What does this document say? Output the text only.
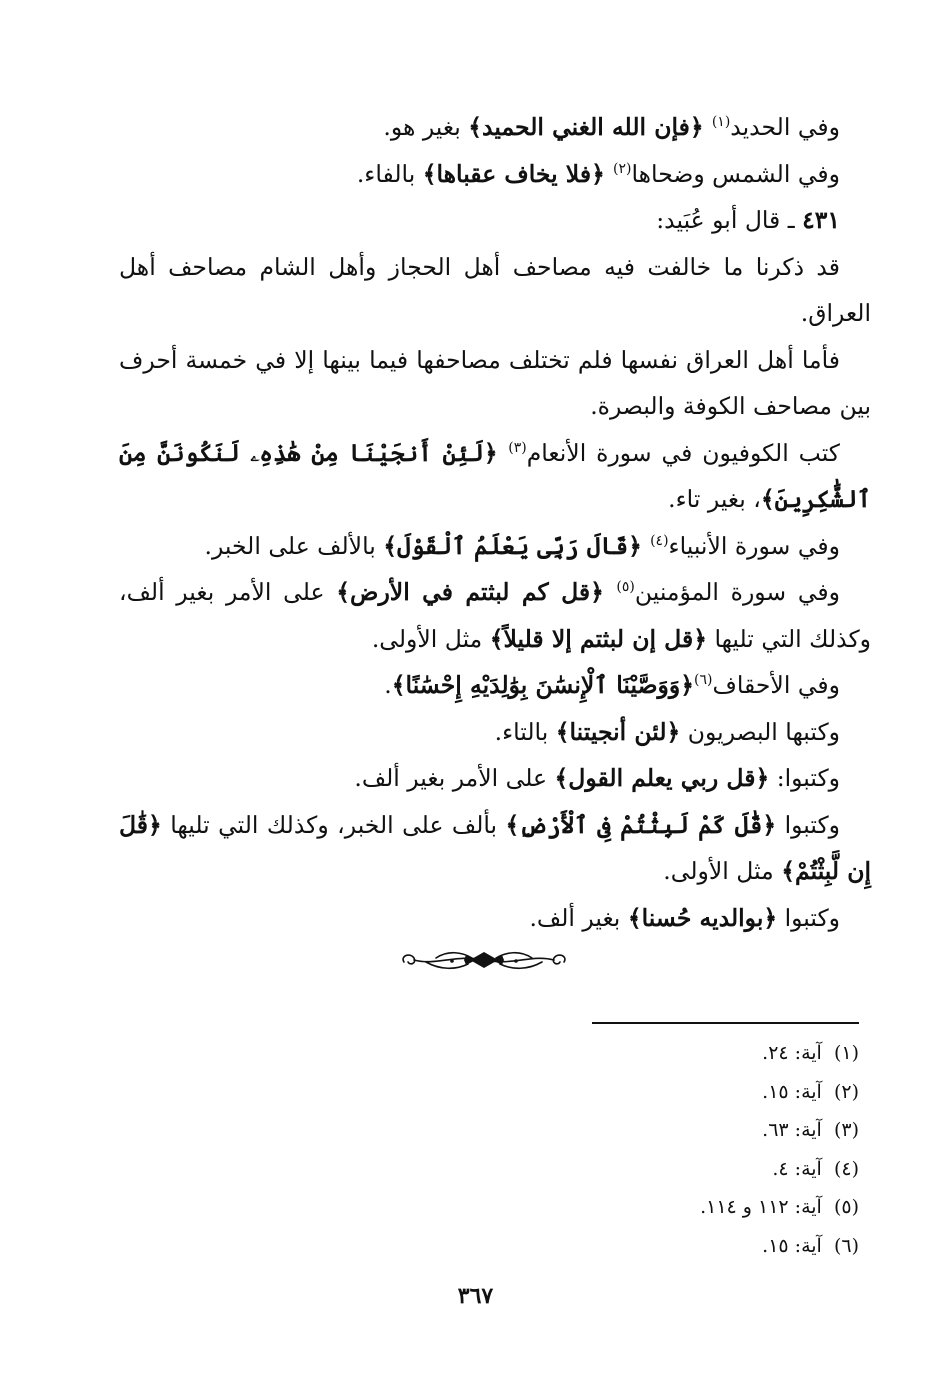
وفي الحديد$^{(١)}$ ﴿فإن الله الغني الحميد﴾ بغير هو.

وفي الشمس وضحاها$^{(٢)}$ ﴿فلا يخاف عقباها﴾ بالفاء.

٤٣١ ـ قال أبو عُبَيد:

قد ذكرنا ما خالفت فيه مصاحف أهل الحجاز وأهل الشام مصاحف أهل العراق.

فأما أهل العراق نفسها فلم تختلف مصاحفها فيما بينها إلا في خمسة أحرف بين مصاحف الكوفة والبصرة.

كتب الكوفيون في سورة الأنعام$^{(٣)}$ ﴿لَئِنْ أَنجَيْنَا مِنْ هَٰذِهِۦ لَنَكُونَنَّ مِنَ ٱلشَّٰكِرِينَ﴾، بغير تاء.

وفي سورة الأنبياء$^{(٤)}$ ﴿قَالَ رَبِّى يَعْلَمُ ٱلْقَوْلَ﴾ بالألف على الخبر.

وفي سورة المؤمنين$^{(٥)}$ ﴿قل كم لبثتم في الأرض﴾ على الأمر بغير ألف، وكذلك التي تليها ﴿قل إن لبثتم إلا قليلاً﴾ مثل الأولى.

وفي الأحقاف$^{(٦)}$﴿وَوَصَّيْنَا ٱلْإِنسَٰنَ بِوَٰلِدَيْهِ إِحْسَٰنًا﴾.

وكتبها البصريون ﴿لئن أنجيتنا﴾ بالتاء.

وكتبوا: ﴿قل ربي يعلم القول﴾ على الأمر بغير ألف.

وكتبوا ﴿قَٰلَ كَمْ لَبِثْتُمْ فِى ٱلْأَرْضِ﴾ بألف على الخبر، وكذلك التي تليها ﴿قَٰلَ إِن لَّبِثْتُمْ﴾ مثل الأولى.

وكتبوا ﴿بوالديه حُسنا﴾ بغير ألف.

(١)  آية: ٢٤.
(٢)  آية: ١٥.
(٣)  آية: ٦٣.
(٤)  آية: ٤.
(٥)  آية: ١١٢ و ١١٤.
(٦)  آية: ١٥.
٣٦٧
